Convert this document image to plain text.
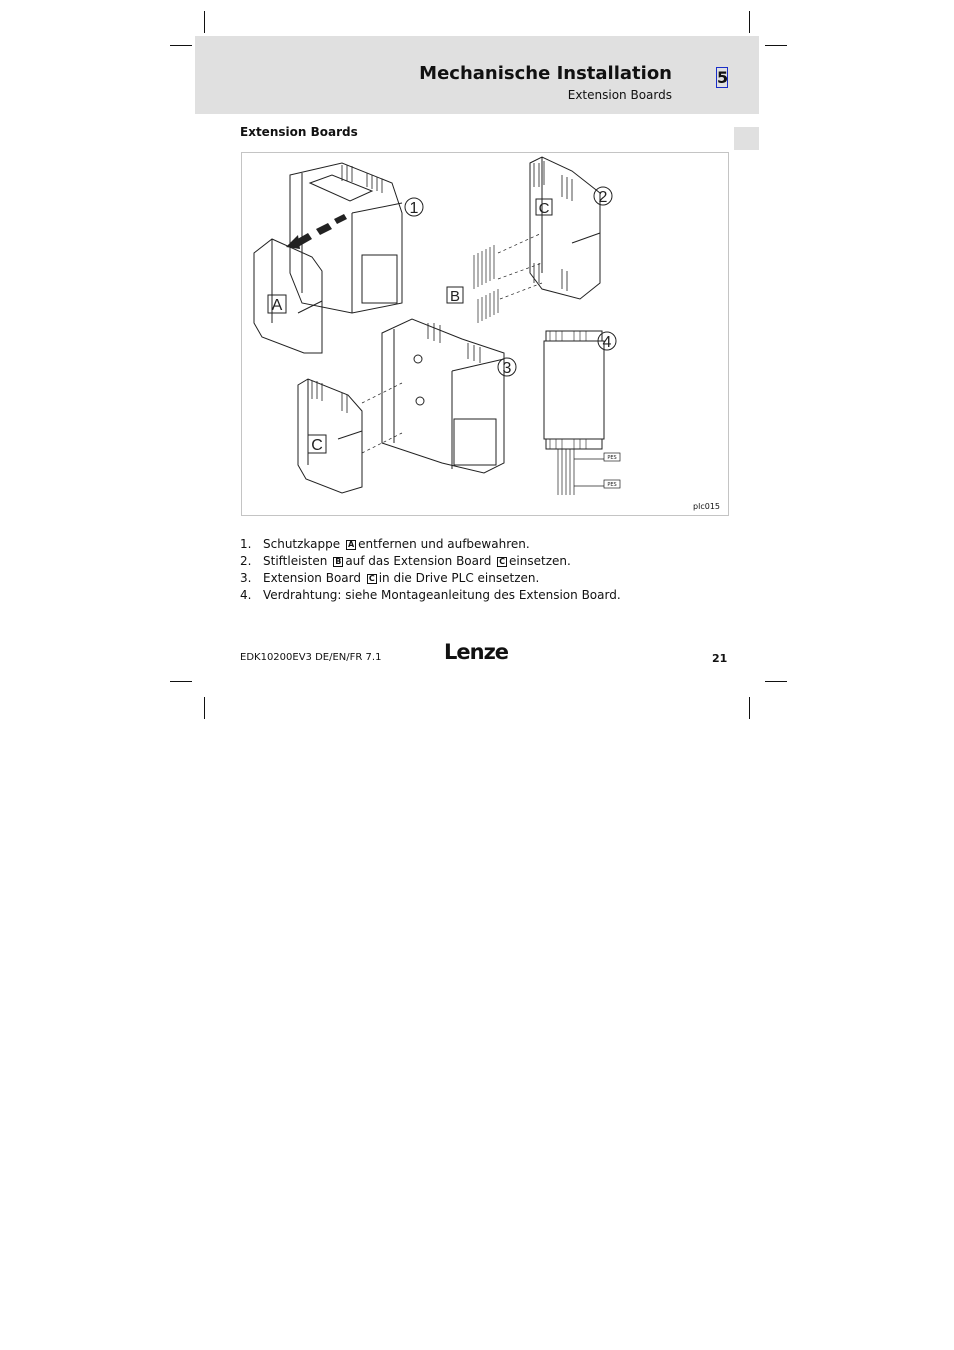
Mechanische Installation
Extension Boards
5
Extension Boards
1
A
C
2
B
C
3
PES
PES
4
plc015
1. Schutzkappe A entfernen und aufbewahren.
2. Stiftleisten B auf das Extension Board C einsetzen.
3. Extension Board C in die Drive PLC einsetzen.
4. Verdrahtung: siehe Montageanleitung des Extension Board.
EDK10200EV3 DE/EN/FR 7.1	Lenze	21
